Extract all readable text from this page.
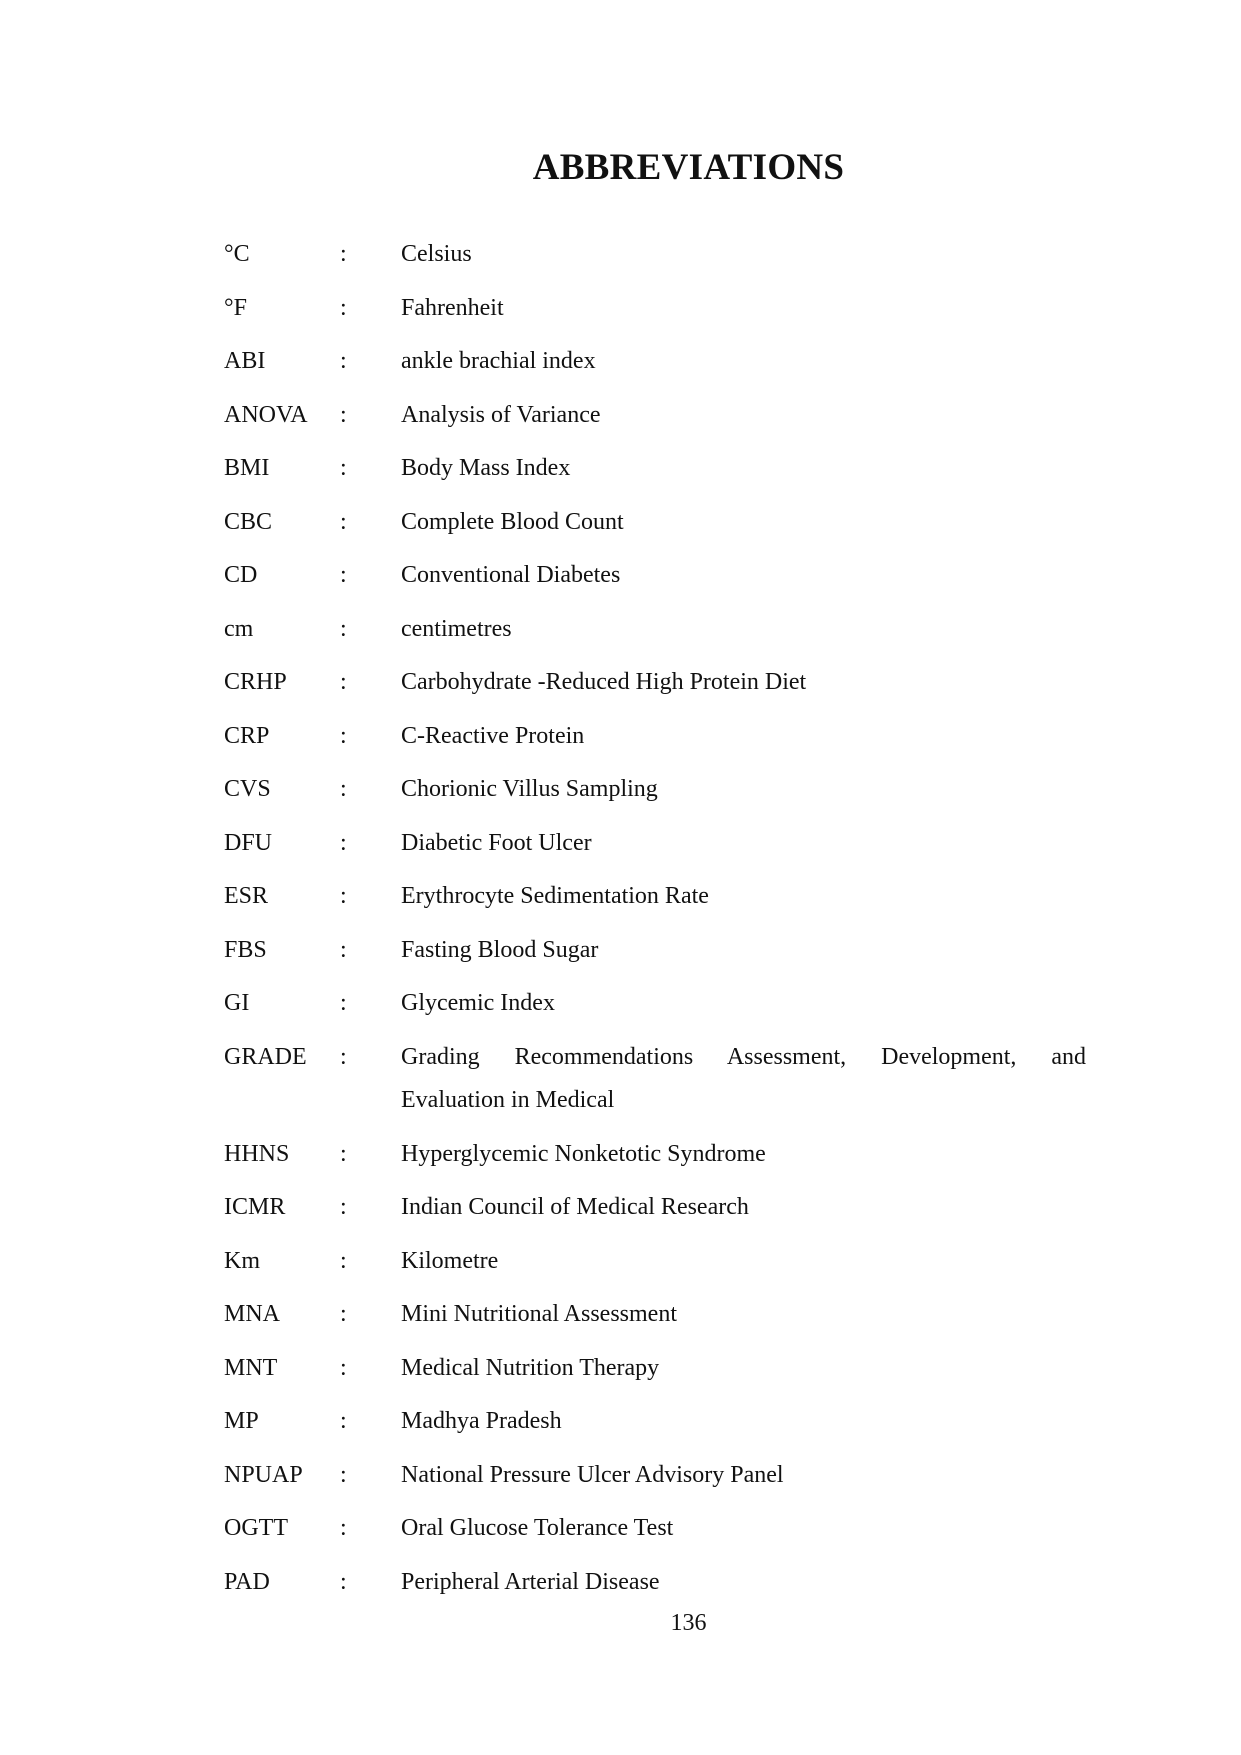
ABBREVIATIONS
°C	:	Celsius
°F	:	Fahrenheit
ABI	:	ankle brachial index
ANOVA	:	Analysis of Variance
BMI	:	Body Mass Index
CBC	:	Complete Blood Count
CD	:	Conventional Diabetes
cm	:	centimetres
CRHP	:	Carbohydrate -Reduced High Protein Diet
CRP	:	C-Reactive Protein
CVS	:	Chorionic Villus Sampling
DFU	:	Diabetic Foot Ulcer
ESR	:	Erythrocyte Sedimentation Rate
FBS	:	Fasting Blood Sugar
GI	:	Glycemic Index
GRADE	:	Grading Recommendations Assessment, Development, and
Evaluation in Medical
HHNS	:	Hyperglycemic Nonketotic Syndrome
ICMR	:	Indian Council of Medical Research
Km	:	Kilometre
MNA	:	Mini Nutritional Assessment
MNT	:	Medical Nutrition Therapy
MP	:	Madhya Pradesh
NPUAP	:	National Pressure Ulcer Advisory Panel
OGTT	:	Oral Glucose Tolerance Test
PAD	:	Peripheral Arterial Disease
136
